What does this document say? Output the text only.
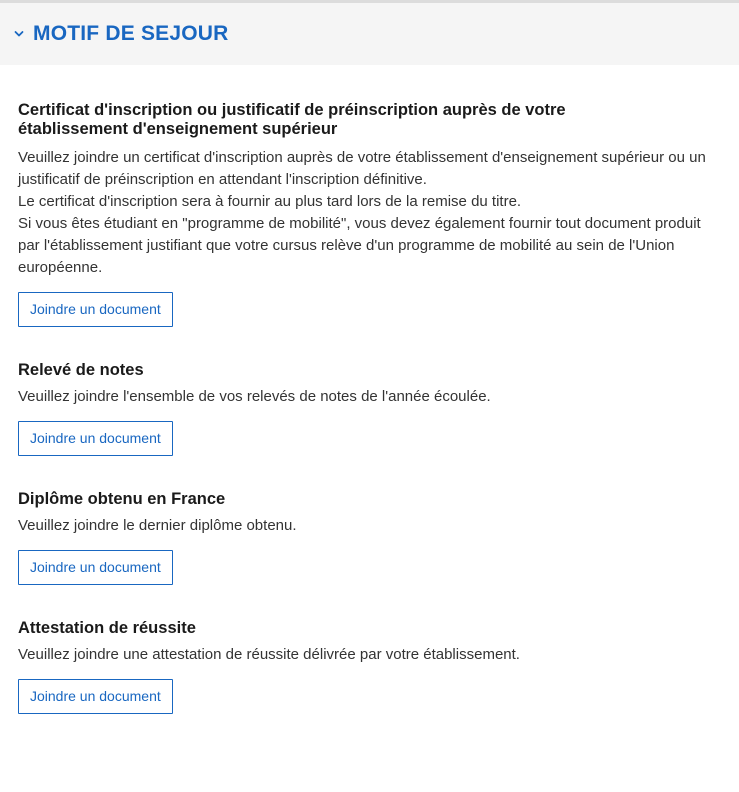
MOTIF DE SEJOUR
Certificat d'inscription ou justificatif de préinscription auprès de votre établissement d'enseignement supérieur

Veuillez joindre un certificat d'inscription auprès de votre établissement d'enseignement supérieur ou un justificatif de préinscription en attendant l'inscription définitive.

Le certificat d'inscription sera à fournir au plus tard lors de la remise du titre.

Si vous êtes étudiant en "programme de mobilité", vous devez également fournir tout document produit par l'établissement justifiant que votre cursus relève d'un programme de mobilité au sein de l'Union européenne.

Joindre un document
Relevé de notes

Veuillez joindre l'ensemble de vos relevés de notes de l'année écoulée.

Joindre un document
Diplôme obtenu en France

Veuillez joindre le dernier diplôme obtenu.

Joindre un document
Attestation de réussite

Veuillez joindre une attestation de réussite délivrée par votre établissement.

Joindre un document
